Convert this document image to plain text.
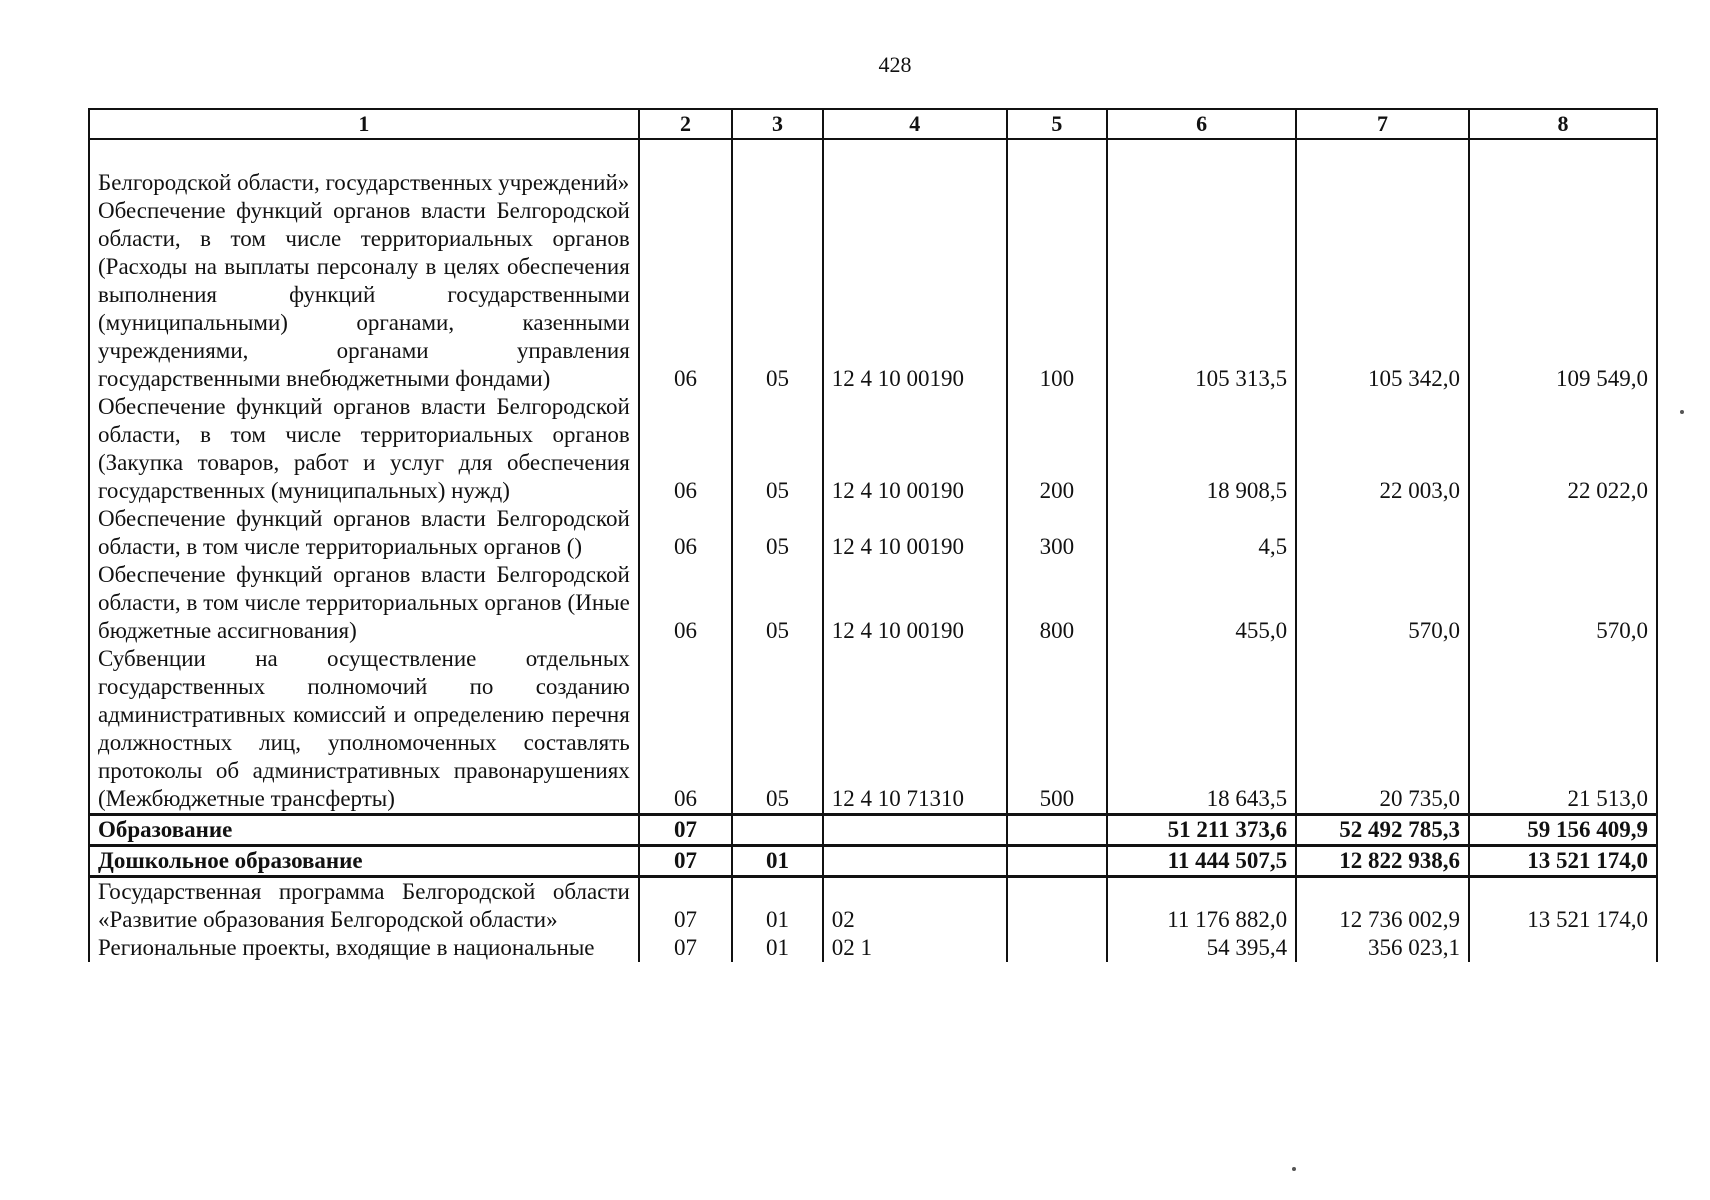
428
1	2	3	4	5	6	7	8
Белгородской области, государственных учреждений»							
Обеспечение функций органов власти Белгородской области, в том числе территориальных органов (Расходы на выплаты персоналу в целях обеспечения выполнения функций государственными (муниципальными) органами, казенными учреждениями, органами управления государственными внебюджетными фондами)	06	05	12 4 10 00190	100	105 313,5	105 342,0	109 549,0
Обеспечение функций органов власти Белгородской области, в том числе территориальных органов (Закупка товаров, работ и услуг для обеспечения государственных (муниципальных) нужд)	06	05	12 4 10 00190	200	18 908,5	22 003,0	22 022,0
Обеспечение функций органов власти Белгородской области, в том числе территориальных органов ()	06	05	12 4 10 00190	300	4,5		
Обеспечение функций органов власти Белгородской области, в том числе территориальных органов (Иные бюджетные ассигнования)	06	05	12 4 10 00190	800	455,0	570,0	570,0
Субвенции на осуществление отдельных государственных полномочий по созданию административных комиссий и определению перечня должностных лиц, уполномоченных составлять протоколы об административных правонарушениях (Межбюджетные трансферты)	06	05	12 4 10 71310	500	18 643,5	20 735,0	21 513,0
Образование	07				51 211 373,6	52 492 785,3	59 156 409,9
Дошкольное образование	07	01			11 444 507,5	12 822 938,6	13 521 174,0
Государственная программа Белгородской области «Развитие образования Белгородской области»	07	01	02		11 176 882,0	12 736 002,9	13 521 174,0
Региональные проекты, входящие в национальные	07	01	02 1		54 395,4	356 023,1	
